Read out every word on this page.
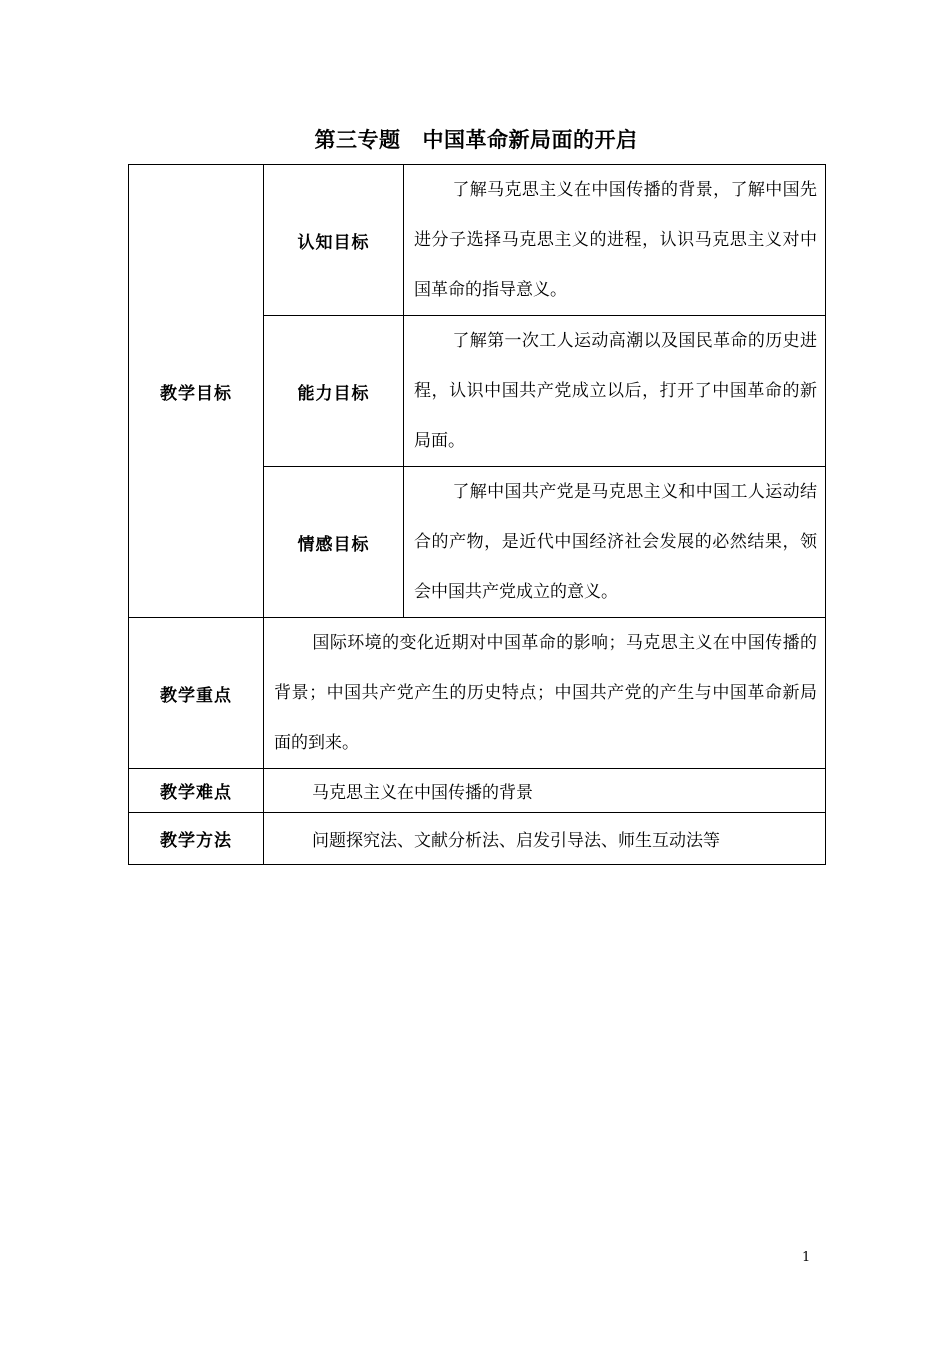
第三专题 中国革命新局面的开启
教学目标	认知目标	了解马克思主义在中国传播的背景，了解中国先进分子选择马克思主义的进程，认识马克思主义对中国革命的指导意义。
	能力目标	了解第一次工人运动高潮以及国民革命的历史进程，认识中国共产党成立以后，打开了中国革命的新局面。
	情感目标	了解中国共产党是马克思主义和中国工人运动结合的产物，是近代中国经济社会发展的必然结果，领会中国共产党成立的意义。
教学重点	国际环境的变化近期对中国革命的影响；马克思主义在中国传播的背景；中国共产党产生的历史特点；中国共产党的产生与中国革命新局面的到来。	
教学难点	马克思主义在中国传播的背景	
教学方法	问题探究法、文献分析法、启发引导法、师生互动法等	
1
